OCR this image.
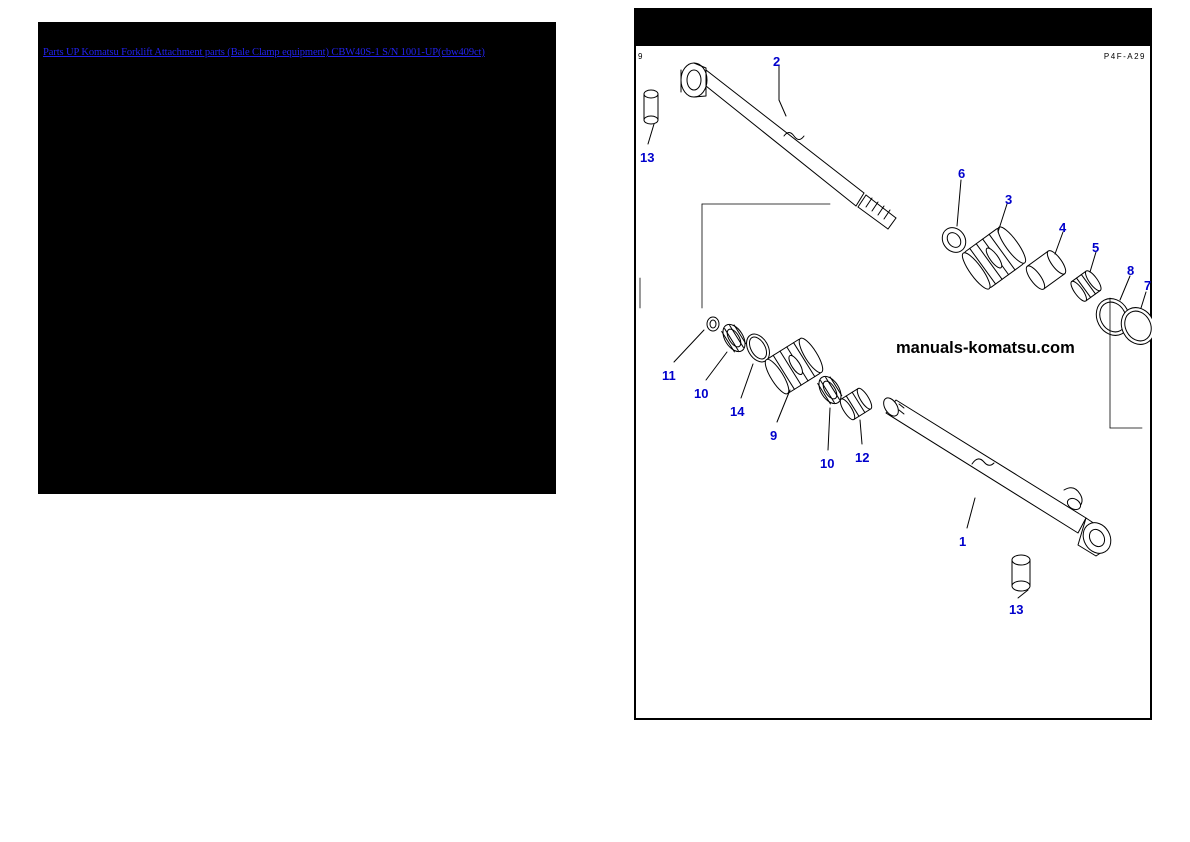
Parts UP Komatsu Forklift Attachment parts (Bale Clamp equipment) CBW40S-1 S/N 1001-UP(cbw409ct)	9	P4F-A29
2
13
6
3
4
5
8
7
11
10
14
9
10 12
1
13
manuals-komatsu.com
